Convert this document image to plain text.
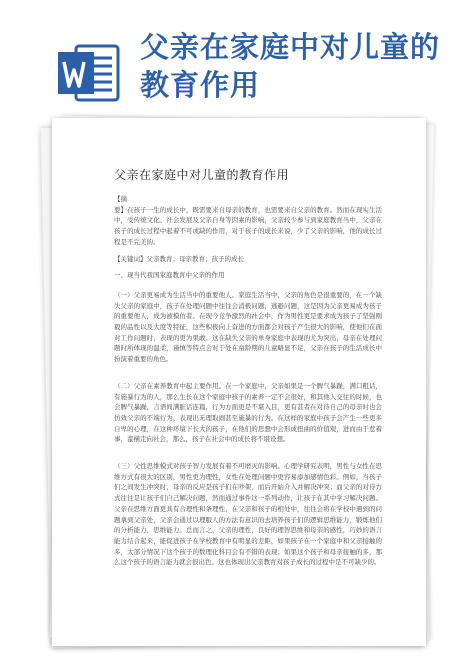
父亲在家庭中对儿童的教育作用
父亲在家庭中对儿童的教育作用

【摘

要】在孩子一生的成长中，既需要来自母亲的教育，也需要来自父亲的教育。然而在现实生活中，受传统文化、社会发展及父亲自身等因素的影响，父亲较少参与到家庭教育当中，父亲在孩子的成长过程中起着不可或缺的作用，对于孩子的成长来说，少了父亲的影响，他的成长过程是不完美的。

【关键词】父亲教育；母亲教育；孩子的成长

一、现当代我国家庭教育中父亲的作用

（一）父亲更易成为生活当中的重要他人。家庭生活当中，父亲的角色是很重要的，在一个缺失父亲的家庭中，孩子在处理问题中往往会消极问题，逃避问题，这是因为父亲更易成为孩子的重要他人，成为被模仿者。在现今竞争激烈的社会中，作为男性更是要求成为孩子了坚强刚毅的品性以及大度等特征，这些积极向上奋进的方面都会对孩子产生很大的影响，使他们在面对工作问题时，表现的更为果敢。这在缺失父亲的单身家庭中表现的尤为突出，母亲在处理问题时所体现的温柔，谨慎等特点会对于处在童龄期的儿童略显不足，父亲在孩子的生活成长中扮演着重要的角色。

（二）父亲在素养教育中起主要作用。在一个家庭中，父亲如果是一个脾气暴躁，满口粗话，有施暴行为的人，那么生长在这个家庭中孩子的素养一定不会很好，和其他人交往的时候，也会脾气暴躁，言语间满脏话连篇，行为方面更是不堪入目，更有甚者在对待自己的母亲时也会仿效父亲的不端行为，表现出无理取闹甚至施暴的行为。在这样的家庭中孩子会产生一些更多自卑的心理，在这种环境下长大的孩子，在他们的思想中会形成扭曲的价值观，进而由于惹着事，蛮横走向社会，那么，孩子在社会中的成长将不堪设想。

（三）父性思维模式对孩子智力发展有着不可磨灭的影响。心理学研究表明，男性与女性在思维方式有很大的区别，男性更为理性，女性在处理问题中更容易添加感情色彩。例如，当孩子们之间发生冲突时，母亲的反应是孩子们在吵架，而后开始介入并解决冲突；而父亲的对待方式往往是让孩子们自己解决问题，然而通过事件这一系列动作，让孩子在其中学习解决问题。父亲在思维方面更具有合理性和条理性，在父亲和孩子的相处中，往往会将在学校中遇到的问题拿到父亲处，父亲会通过以理服人的方法有意识的去培养孩子们的逻辑思维能力，锻炼他们的分析能力，思维能力。总而言之，父亲的理性，良好的理智思维和母亲的感性，巧妙的语言能力结合起来，能促进孩子在学校教育中有明显的差距，如果孩子在一个家庭中和父亲接触的多，大部分情况下这个孩子的数理化科目会有不错的表现；如果这个孩子和母亲接触的多，那么这个孩子的语言能力就会很出色。这也体现出父亲教育对孩子成长的过程中是不可缺少的。
